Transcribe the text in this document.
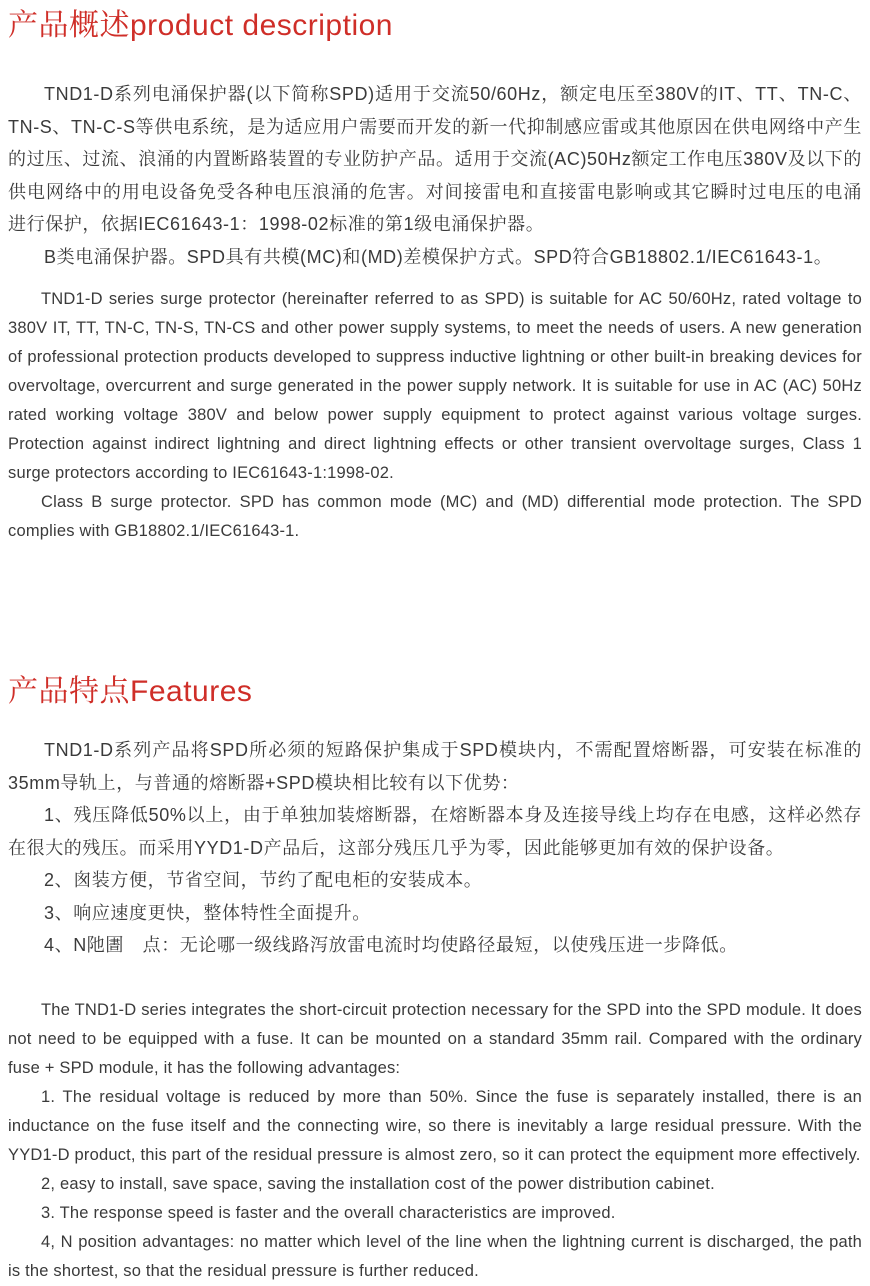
产品概述product description

TND1-D系列电涌保护器(以下简称SPD)适用于交流50/60Hz，额定电压至380V的IT、TT、TN-C、TN-S、TN-C-S等供电系统，是为适应用户需要而开发的新一代抑制感应雷或其他原因在供电网络中产生的过压、过流、浪涌的内置断路装置的专业防护产品。适用于交流(AC)50Hz额定工作电压380V及以下的供电网络中的用电设备免受各种电压浪涌的危害。对间接雷电和直接雷电影响或其它瞬时过电压的电涌进行保护，依据IEC61643-1：1998-02标准的第1级电涌保护器。

B类电涌保护器。SPD具有共模(MC)和(MD)差模保护方式。SPD符合GB18802.1/IEC61643-1。

TND1-D series surge protector (hereinafter referred to as SPD) is suitable for AC 50/60Hz, rated voltage to 380V IT, TT, TN-C, TN-S, TN-CS and other power supply systems, to meet the needs of users. A new generation of professional protection products developed to suppress inductive lightning or other built-in breaking devices for overvoltage, overcurrent and surge generated in the power supply network. It is suitable for use in AC (AC) 50Hz rated working voltage 380V and below power supply equipment to protect against various voltage surges. Protection against indirect lightning and direct lightning effects or other transient overvoltage surges, Class 1 surge protectors according to IEC61643-1:1998-02.

Class B surge protector. SPD has common mode (MC) and (MD) differential mode protection. The SPD complies with GB18802.1/IEC61643-1.

产品特点Features

TND1-D系列产品将SPD所必须的短路保护集成于SPD模块内，不需配置熔断器，可安装在标准的35mm导轨上，与普通的熔断器+SPD模块相比较有以下优势：

1、残压降低50%以上，由于单独加装熔断器，在熔断器本身及连接导线上均存在电感，这样必然存在很大的残压。而采用YYD1-D产品后，这部分残压几乎为零，因此能够更加有效的保护设备。

2、囪装方便，节省空间，节约了配电柜的安装成本。

3、响应速度更快，整体特性全面提升。

4、N阤圕　点：无论哪一级线路泻放雷电流时均使路径最短，以使残压进一步降低。

The TND1-D series integrates the short-circuit protection necessary for the SPD into the SPD module. It does not need to be equipped with a fuse. It can be mounted on a standard 35mm rail. Compared with the ordinary fuse + SPD module, it has the following advantages:

1. The residual voltage is reduced by more than 50%. Since the fuse is separately installed, there is an inductance on the fuse itself and the connecting wire, so there is inevitably a large residual pressure. With the YYD1-D product, this part of the residual pressure is almost zero, so it can protect the equipment more effectively.

2, easy to install, save space, saving the installation cost of the power distribution cabinet.

3. The response speed is faster and the overall characteristics are improved.

4, N position advantages: no matter which level of the line when the lightning current is discharged, the path is the shortest, so that the residual pressure is further reduced.
